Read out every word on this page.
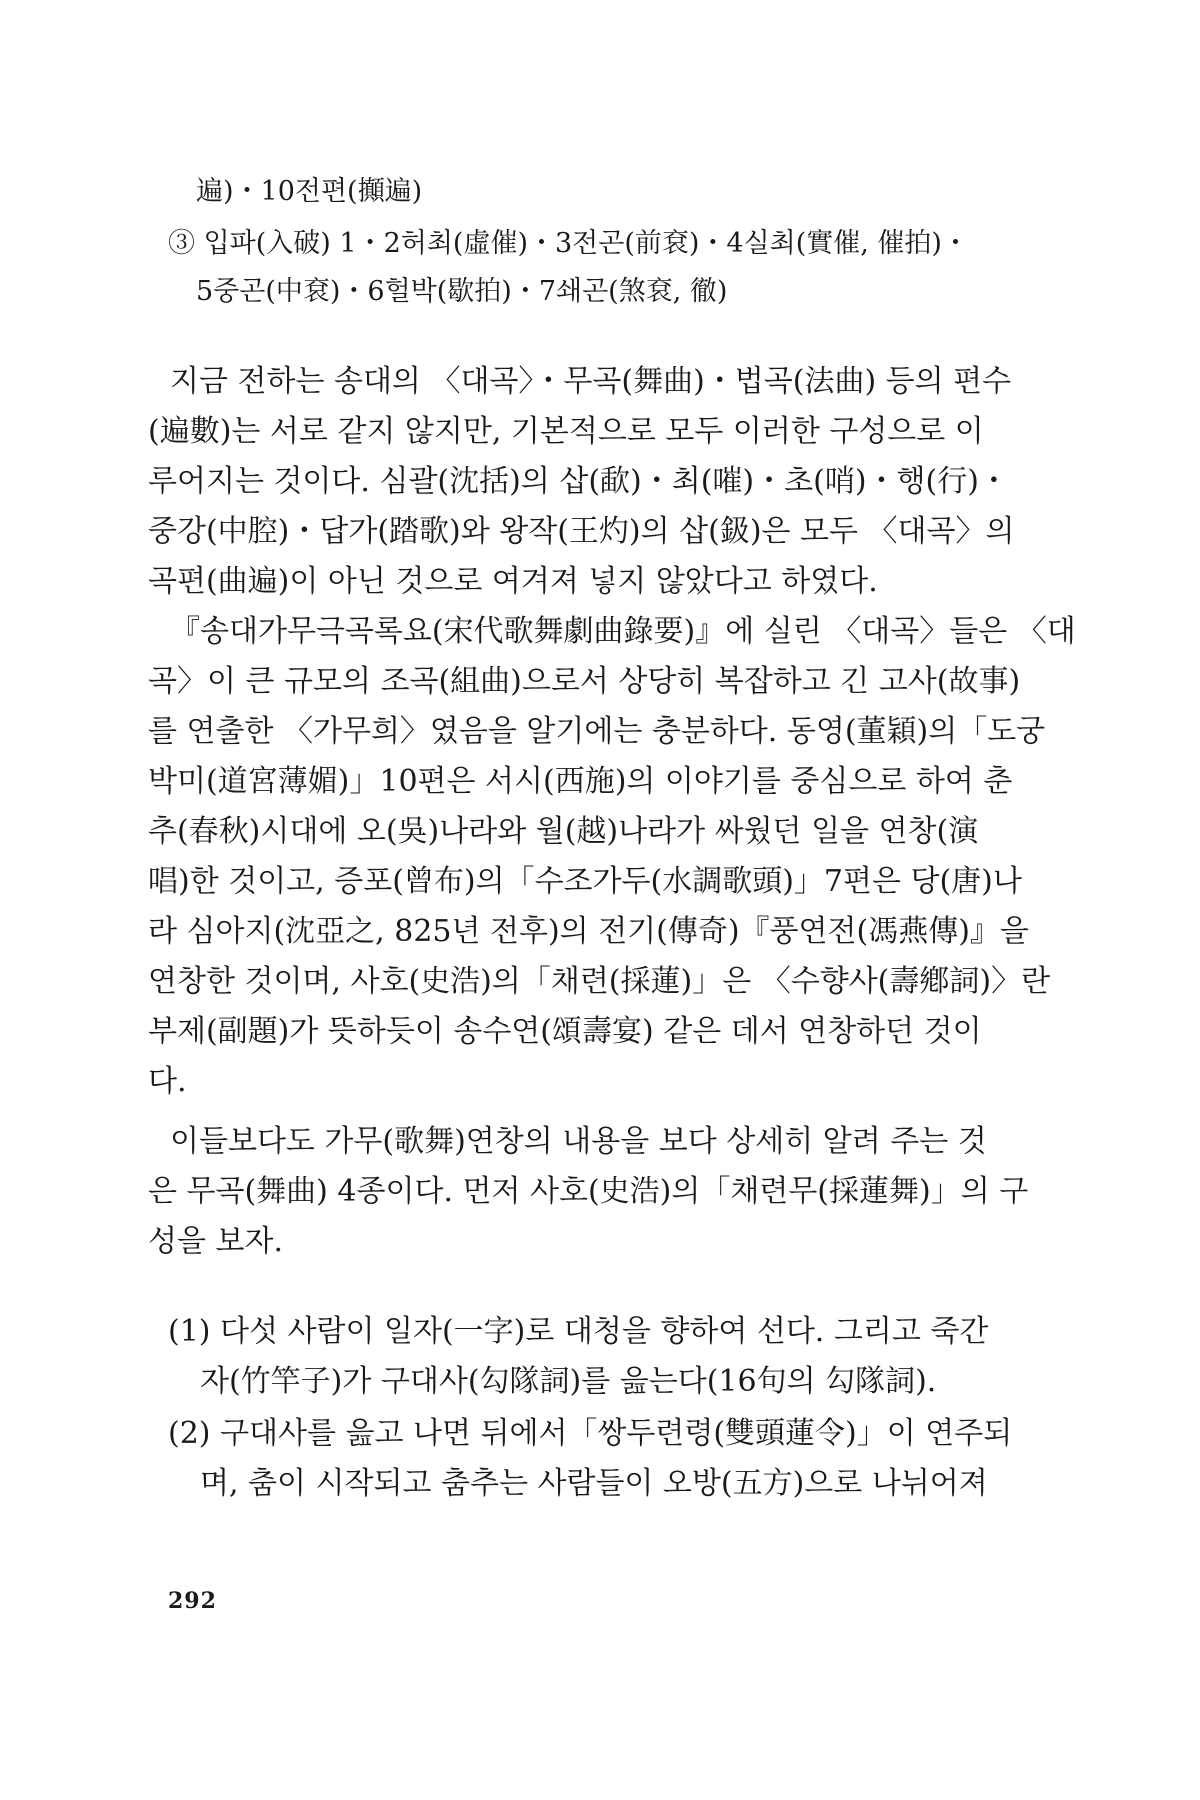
遍)・10전편(攧遍)
③ 입파(入破) 1・2허최(虛催)・3전곤(前袞)・4실최(實催, 催拍)・
5중곤(中袞)・6헐박(歇拍)・7쇄곤(煞袞, 徹)
지금 전하는 송대의 〈대곡〉・무곡(舞曲)・법곡(法曲) 등의 편수
(遍數)는 서로 같지 않지만, 기본적으로 모두 이러한 구성으로 이
루어지는 것이다. 심괄(沈括)의 삽(歃)・최(嗺)・초(哨)・행(行)・
중강(中腔)・답가(踏歌)와 왕작(王灼)의 삽(鈒)은 모두 〈대곡〉의
곡편(曲遍)이 아닌 것으로 여겨져 넣지 않았다고 하였다.
『송대가무극곡록요(宋代歌舞劇曲錄要)』에 실린 〈대곡〉들은 〈대
곡〉이 큰 규모의 조곡(組曲)으로서 상당히 복잡하고 긴 고사(故事)
를 연출한 〈가무희〉였음을 알기에는 충분하다. 동영(董穎)의「도궁
박미(道宮薄媚)」10편은 서시(西施)의 이야기를 중심으로 하여 춘
추(春秋)시대에 오(吳)나라와 월(越)나라가 싸웠던 일을 연창(演
唱)한 것이고, 증포(曾布)의「수조가두(水調歌頭)」7편은 당(唐)나
라 심아지(沈亞之, 825년 전후)의 전기(傳奇)『풍연전(馮燕傳)』을
연창한 것이며, 사호(史浩)의「채련(採蓮)」은 〈수향사(壽鄕詞)〉란
부제(副題)가 뜻하듯이 송수연(頌壽宴) 같은 데서 연창하던 것이
다.
이들보다도 가무(歌舞)연창의 내용을 보다 상세히 알려 주는 것
은 무곡(舞曲) 4종이다. 먼저 사호(史浩)의「채련무(採蓮舞)」의 구
성을 보자.
(1) 다섯 사람이 일자(一字)로 대청을 향하여 선다. 그리고 죽간
자(竹竿子)가 구대사(勾隊詞)를 읊는다(16句의 勾隊詞).
(2) 구대사를 읊고 나면 뒤에서「쌍두련령(雙頭蓮令)」이 연주되
며, 춤이 시작되고 춤추는 사람들이 오방(五方)으로 나뉘어져
292
